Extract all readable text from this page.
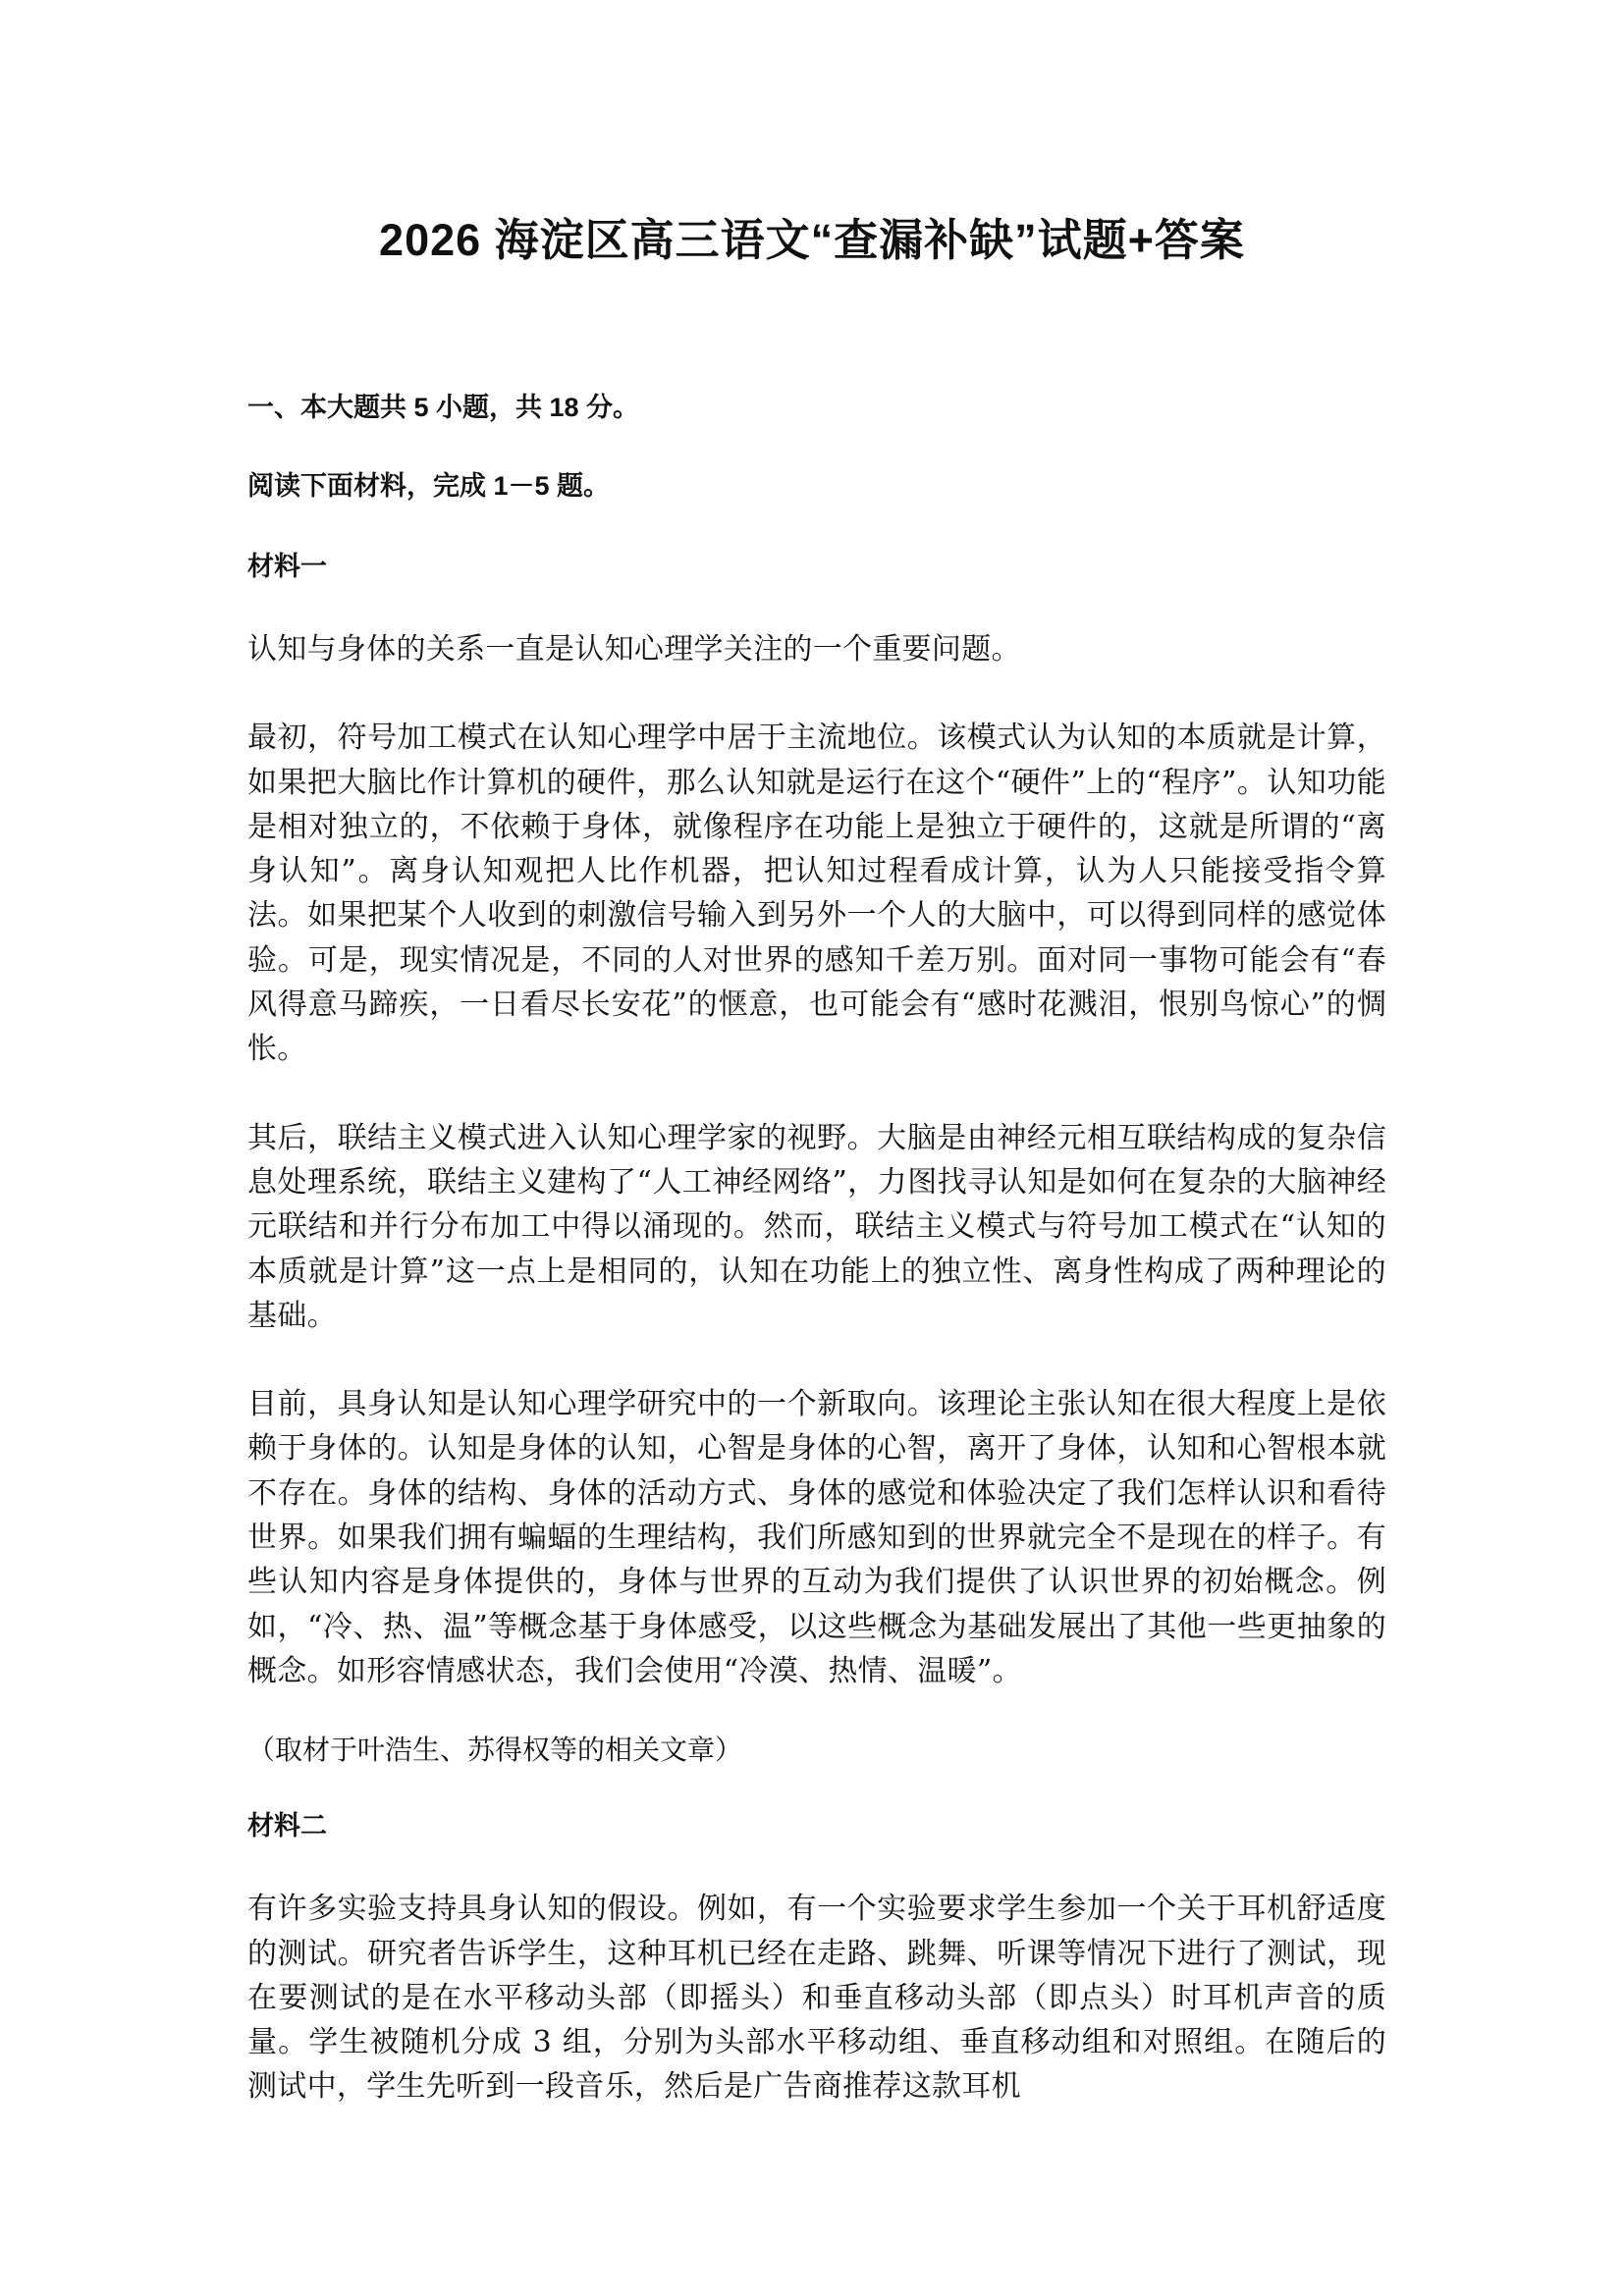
2026 海淀区高三语文“查漏补缺”试题+答案

一、本大题共 5 小题，共 18 分。

阅读下面材料，完成 1－5 题。

材料一

认知与身体的关系一直是认知心理学关注的一个重要问题。

最初，符号加工模式在认知心理学中居于主流地位。该模式认为认知的本质就是计算，如果把大脑比作计算机的硬件，那么认知就是运行在这个“硬件”上的“程序”。认知功能是相对独立的，不依赖于身体，就像程序在功能上是独立于硬件的，这就是所谓的“离身认知”。离身认知观把人比作机器，把认知过程看成计算，认为人只能接受指令算法。如果把某个人收到的刺激信号输入到另外一个人的大脑中，可以得到同样的感觉体验。可是，现实情况是，不同的人对世界的感知千差万别。面对同一事物可能会有“春风得意马蹄疾，一日看尽长安花”的惬意，也可能会有“感时花溅泪，恨别鸟惊心”的惆怅。

其后，联结主义模式进入认知心理学家的视野。大脑是由神经元相互联结构成的复杂信息处理系统，联结主义建构了“人工神经网络”，力图找寻认知是如何在复杂的大脑神经元联结和并行分布加工中得以涌现的。然而，联结主义模式与符号加工模式在“认知的本质就是计算”这一点上是相同的，认知在功能上的独立性、离身性构成了两种理论的基础。

目前，具身认知是认知心理学研究中的一个新取向。该理论主张认知在很大程度上是依赖于身体的。认知是身体的认知，心智是身体的心智，离开了身体，认知和心智根本就不存在。身体的结构、身体的活动方式、身体的感觉和体验决定了我们怎样认识和看待世界。如果我们拥有蝙蝠的生理结构，我们所感知到的世界就完全不是现在的样子。有些认知内容是身体提供的，身体与世界的互动为我们提供了认识世界的初始概念。例如，“冷、热、温”等概念基于身体感受，以这些概念为基础发展出了其他一些更抽象的概念。如形容情感状态，我们会使用“冷漠、热情、温暖”。

（取材于叶浩生、苏得权等的相关文章）

材料二

有许多实验支持具身认知的假设。例如，有一个实验要求学生参加一个关于耳机舒适度的测试。研究者告诉学生，这种耳机已经在走路、跳舞、听课等情况下进行了测试，现在要测试的是在水平移动头部（即摇头）和垂直移动头部（即点头）时耳机声音的质量。学生被随机分成 3 组，分别为头部水平移动组、垂直移动组和对照组。在随后的测试中，学生先听到一段音乐，然后是广告商推荐这款耳机
